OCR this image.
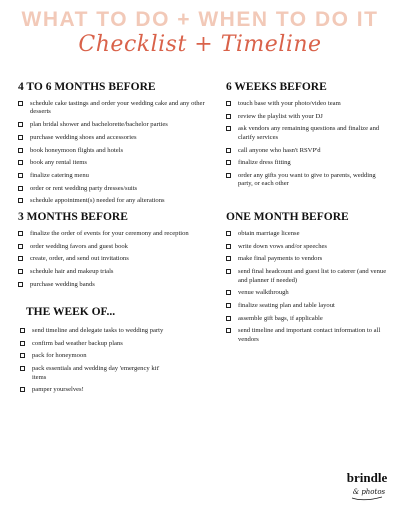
WHAT TO DO + WHEN TO DO IT
Checklist + Timeline
4 TO 6 MONTHS BEFORE
schedule cake tastings and order your wedding cake and any other desserts
plan bridal shower and bachelorette/bachelor parties
purchase wedding shoes and accessories
book honeymoon flights and hotels
book any rental items
finalize catering menu
order or rent wedding party dresses/suits
schedule appointment(s) needed for any alterations
6 WEEKS BEFORE
touch base with your photo/video team
review the playlist with your DJ
ask vendors any remaining questions and finalize and clarify services
call anyone who hasn't RSVP'd
finalize dress fitting
order any gifts you want to give to parents, wedding party, or each other
3 MONTHS BEFORE
finalize the order of events for your ceremony and reception
order wedding favors and guest book
create, order, and send out invitations
schedule hair and makeup trials
purchase wedding bands
ONE MONTH BEFORE
obtain marriage license
write down vows and/or speeches
make final payments to vendors
send final headcount and guest list to caterer (and venue and planner if needed)
venue walkthrough
finalize seating plan and table layout
assemble gift bags, if applicable
send timeline and important contact information to all vendors
THE WEEK OF...
send timeline and delegate tasks to wedding party
confirm bad weather backup plans
pack for honeymoon
pack essentials and wedding day 'emergency kit' items
pamper yourselves!
brindle
& photos
